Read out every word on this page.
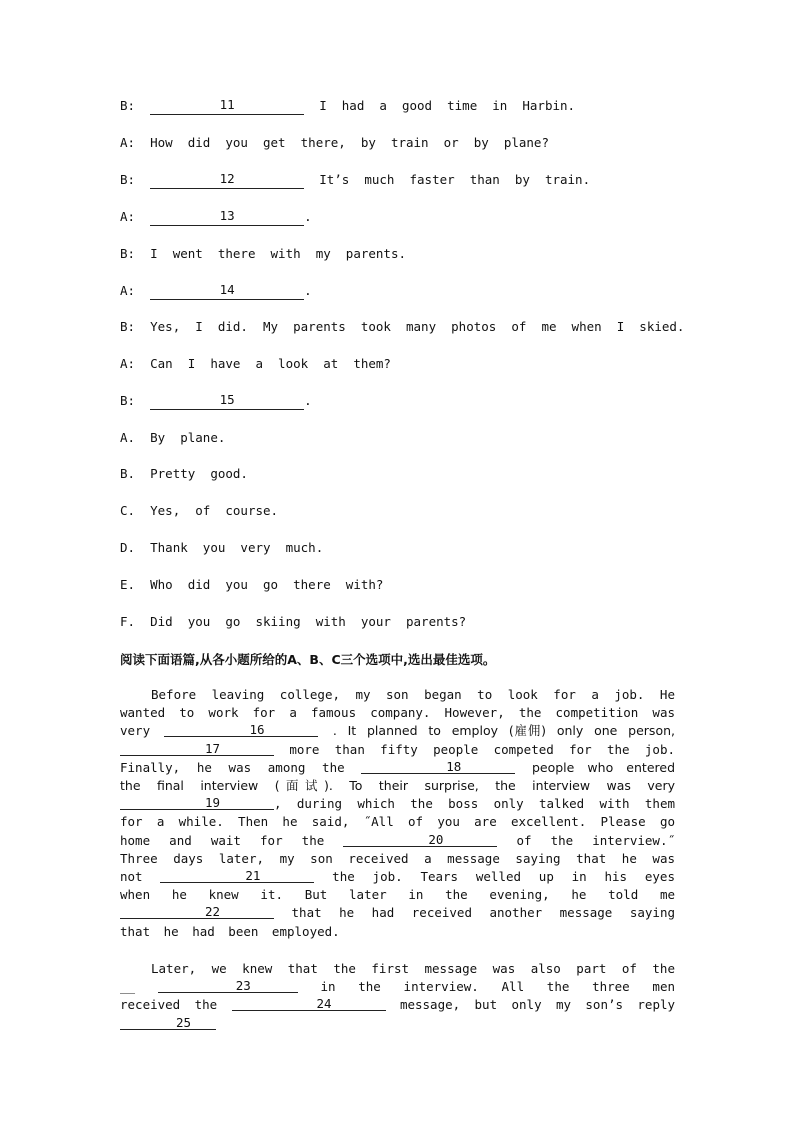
B:	11	I  had  a  good  time  in  Harbin.
A: How  did  you  get  there,  by  train  or  by  plane?
B:	12	It’s  much  faster  than  by  train.
A:	13	.
B: I  went  there  with  my  parents.
A:	14	.
B: Yes,  I  did.  My  parents  took  many  photos  of  me  when  I  skied.
A: Can  I  have  a  look  at  them?
B:	15	.
A. By  plane.
B. Pretty  good.
C. Yes,  of  course.
D. Thank  you  very  much.
E. Who  did  you  go  there  with?
F. Did  you  go  skiing  with  your  parents?
阅读下面语篇,从各小题所给的A、B、C三个选项中,选出最佳选项。
Before leaving college, my son began to look for a job. He wanted to work for a famous company. However, the competition was very	16	. It planned to employ (雇佣) only one person, 17	more than fifty people competed for the job. Finally, he was among the	18	people who entered the final interview (面试). To their surprise, the interview was very 19	, during which the boss only talked with them for a while. Then he said, ˝All of you are excellent. Please go home and wait for the	20	of the interview.˝ Three days later, my son received a message saying that he was not	21	the job. Tears welled up in his eyes when he knew it. But later in the evening, he told me 22	that he had received another message saying that he had been employed.
Later, we knew that the first message was also part of the __	23	in the interview. All the three men received the	24	message, but only my son’s reply 25
